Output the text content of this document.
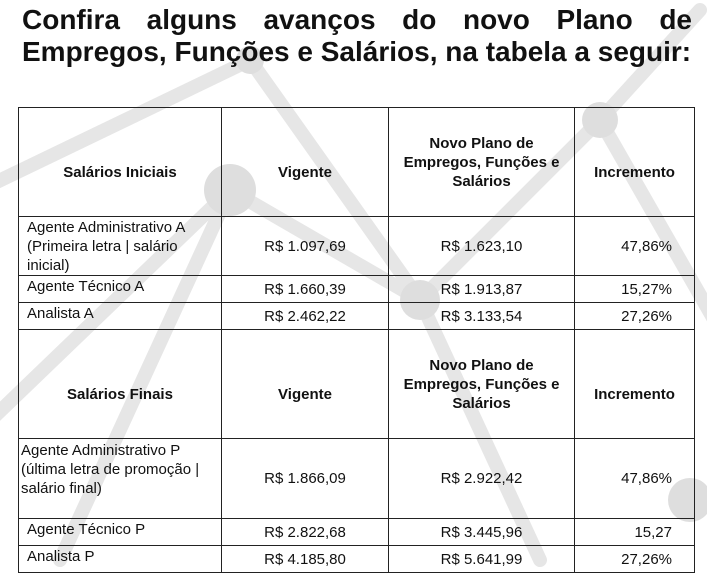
Confira alguns avanços do novo Plano de Empregos, Funções e Salários, na tabela a seguir:
Salários Iniciais	Vigente	Novo Plano de Empregos, Funções e Salários	Incremento
Agente Administrativo A (Primeira letra | salário inicial)	R$ 1.097,69	R$ 1.623,10	47,86%
Agente Técnico A	R$ 1.660,39	R$ 1.913,87	15,27%
Analista A	R$ 2.462,22	R$ 3.133,54	27,26%
Salários Finais	Vigente	Novo Plano de Empregos, Funções e Salários	Incremento
Agente Administrativo P (última letra de promoção | salário final)	R$ 1.866,09	R$ 2.922,42	47,86%
Agente Técnico P	R$ 2.822,68	R$ 3.445,96	15,27
Analista P	R$ 4.185,80	R$ 5.641,99	27,26%
